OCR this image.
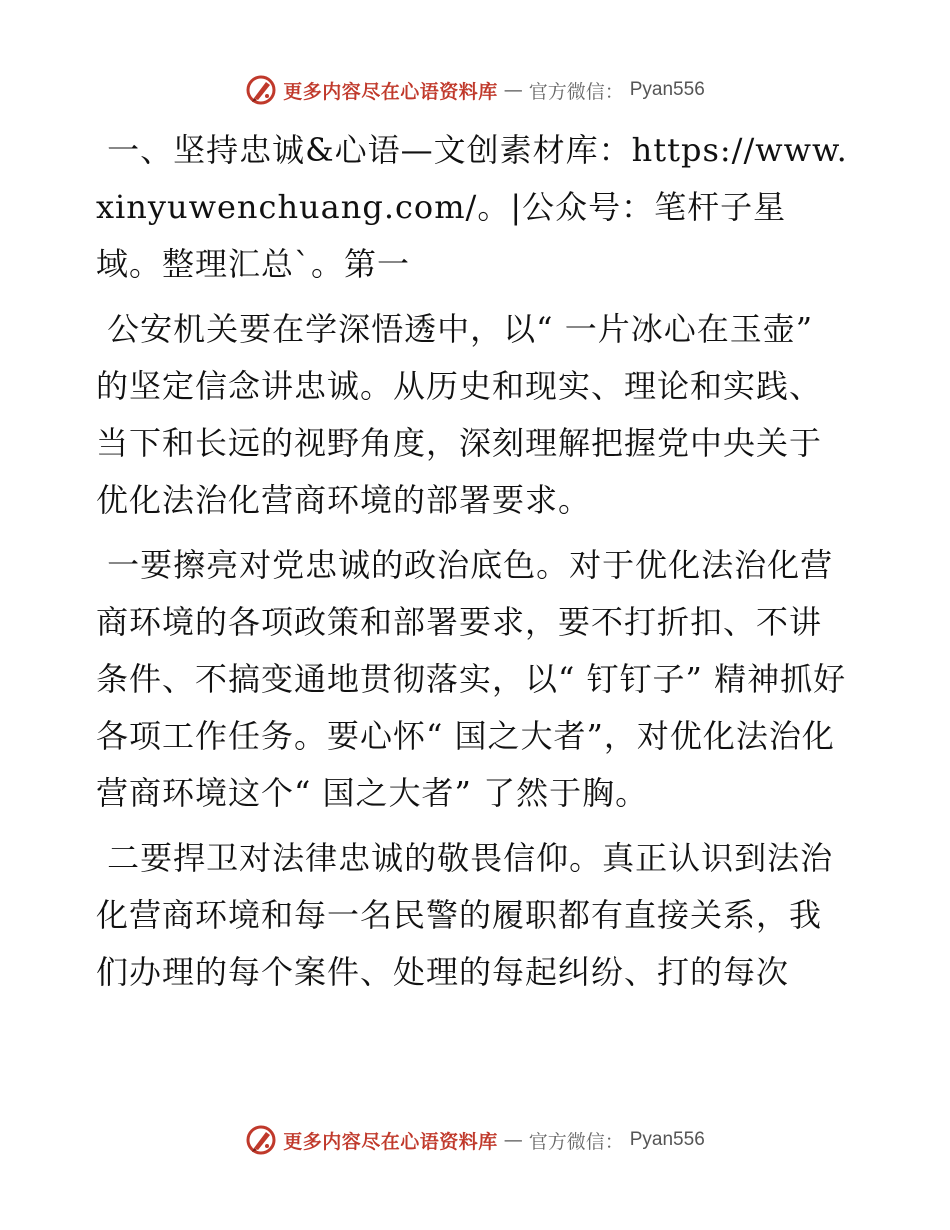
更多内容尽在心语资料库 — 官方微信： Pyan556

一、坚持忠诚&心语—文创素材库：https://www.xinyuwenchuang.com/。|公众号：笔杆子星域。整理汇总`。第一

公安机关要在学深悟透中，以“ 一片冰心在玉壶” 的坚定信念讲忠诚。从历史和现实、理论和实践、当下和长远的视野角度，深刻理解把握党中央关于优化法治化营商环境的部署要求。

一要擦亮对党忠诚的政治底色。对于优化法治化营商环境的各项政策和部署要求，要不打折扣、不讲条件、不搞变通地贯彻落实，以“ 钉钉子” 精神抓好各项工作任务。要心怀“ 国之大者”，对优化法治化营商环境这个“ 国之大者” 了然于胸。

二要捍卫对法律忠诚的敬畏信仰。真正认识到法治化营商环境和每一名民警的履职都有直接关系，我们办理的每个案件、处理的每起纠纷、打的每次

更多内容尽在心语资料库 — 官方微信： Pyan556
